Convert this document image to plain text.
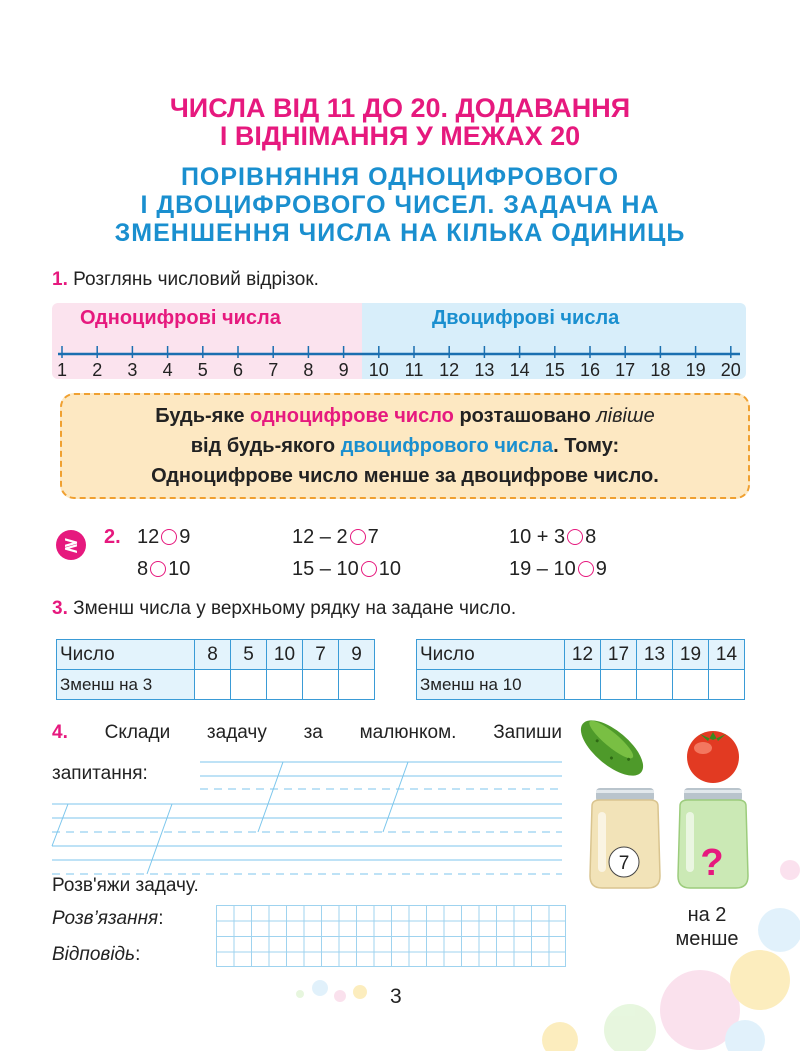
ЧИСЛА ВІД 11 ДО 20. ДОДАВАННЯ
І ВІДНІМАННЯ У МЕЖАХ 20
ПОРІВНЯННЯ ОДНОЦИФРОВОГО
І ДВОЦИФРОВОГО ЧИСЕЛ. ЗАДАЧА НА
ЗМЕНШЕННЯ ЧИСЛА НА КІЛЬКА ОДИНИЦЬ
1. Розглянь числовий відрізок.
Одноцифрові числа	Двоцифрові числа
1 2 3 4 5 6 7 8 9 10 11 12 13 14 15 16 17 18 19 20
Будь-яке одноцифрове число розташовано лівіше
від будь-якого двоцифрового числа. Тому:
Одноцифрове число менше за двоцифрове число.
≷	2. 12 9	12 – 2 7	10 + 3 8
8 10	15 – 10 10	19 – 10 9
3. Зменш числа у верхньому рядку на задане число.
Число	8	5	10	7	9
Зменш на 3					
Число	12	17	13	19	14
Зменш на 10					
4. Склади задачу за малюнком. Запиши
запитання:
Розв'яжи задачу.
Розв’язання:
Відповідь:
7 ?
на 2
менше
3
